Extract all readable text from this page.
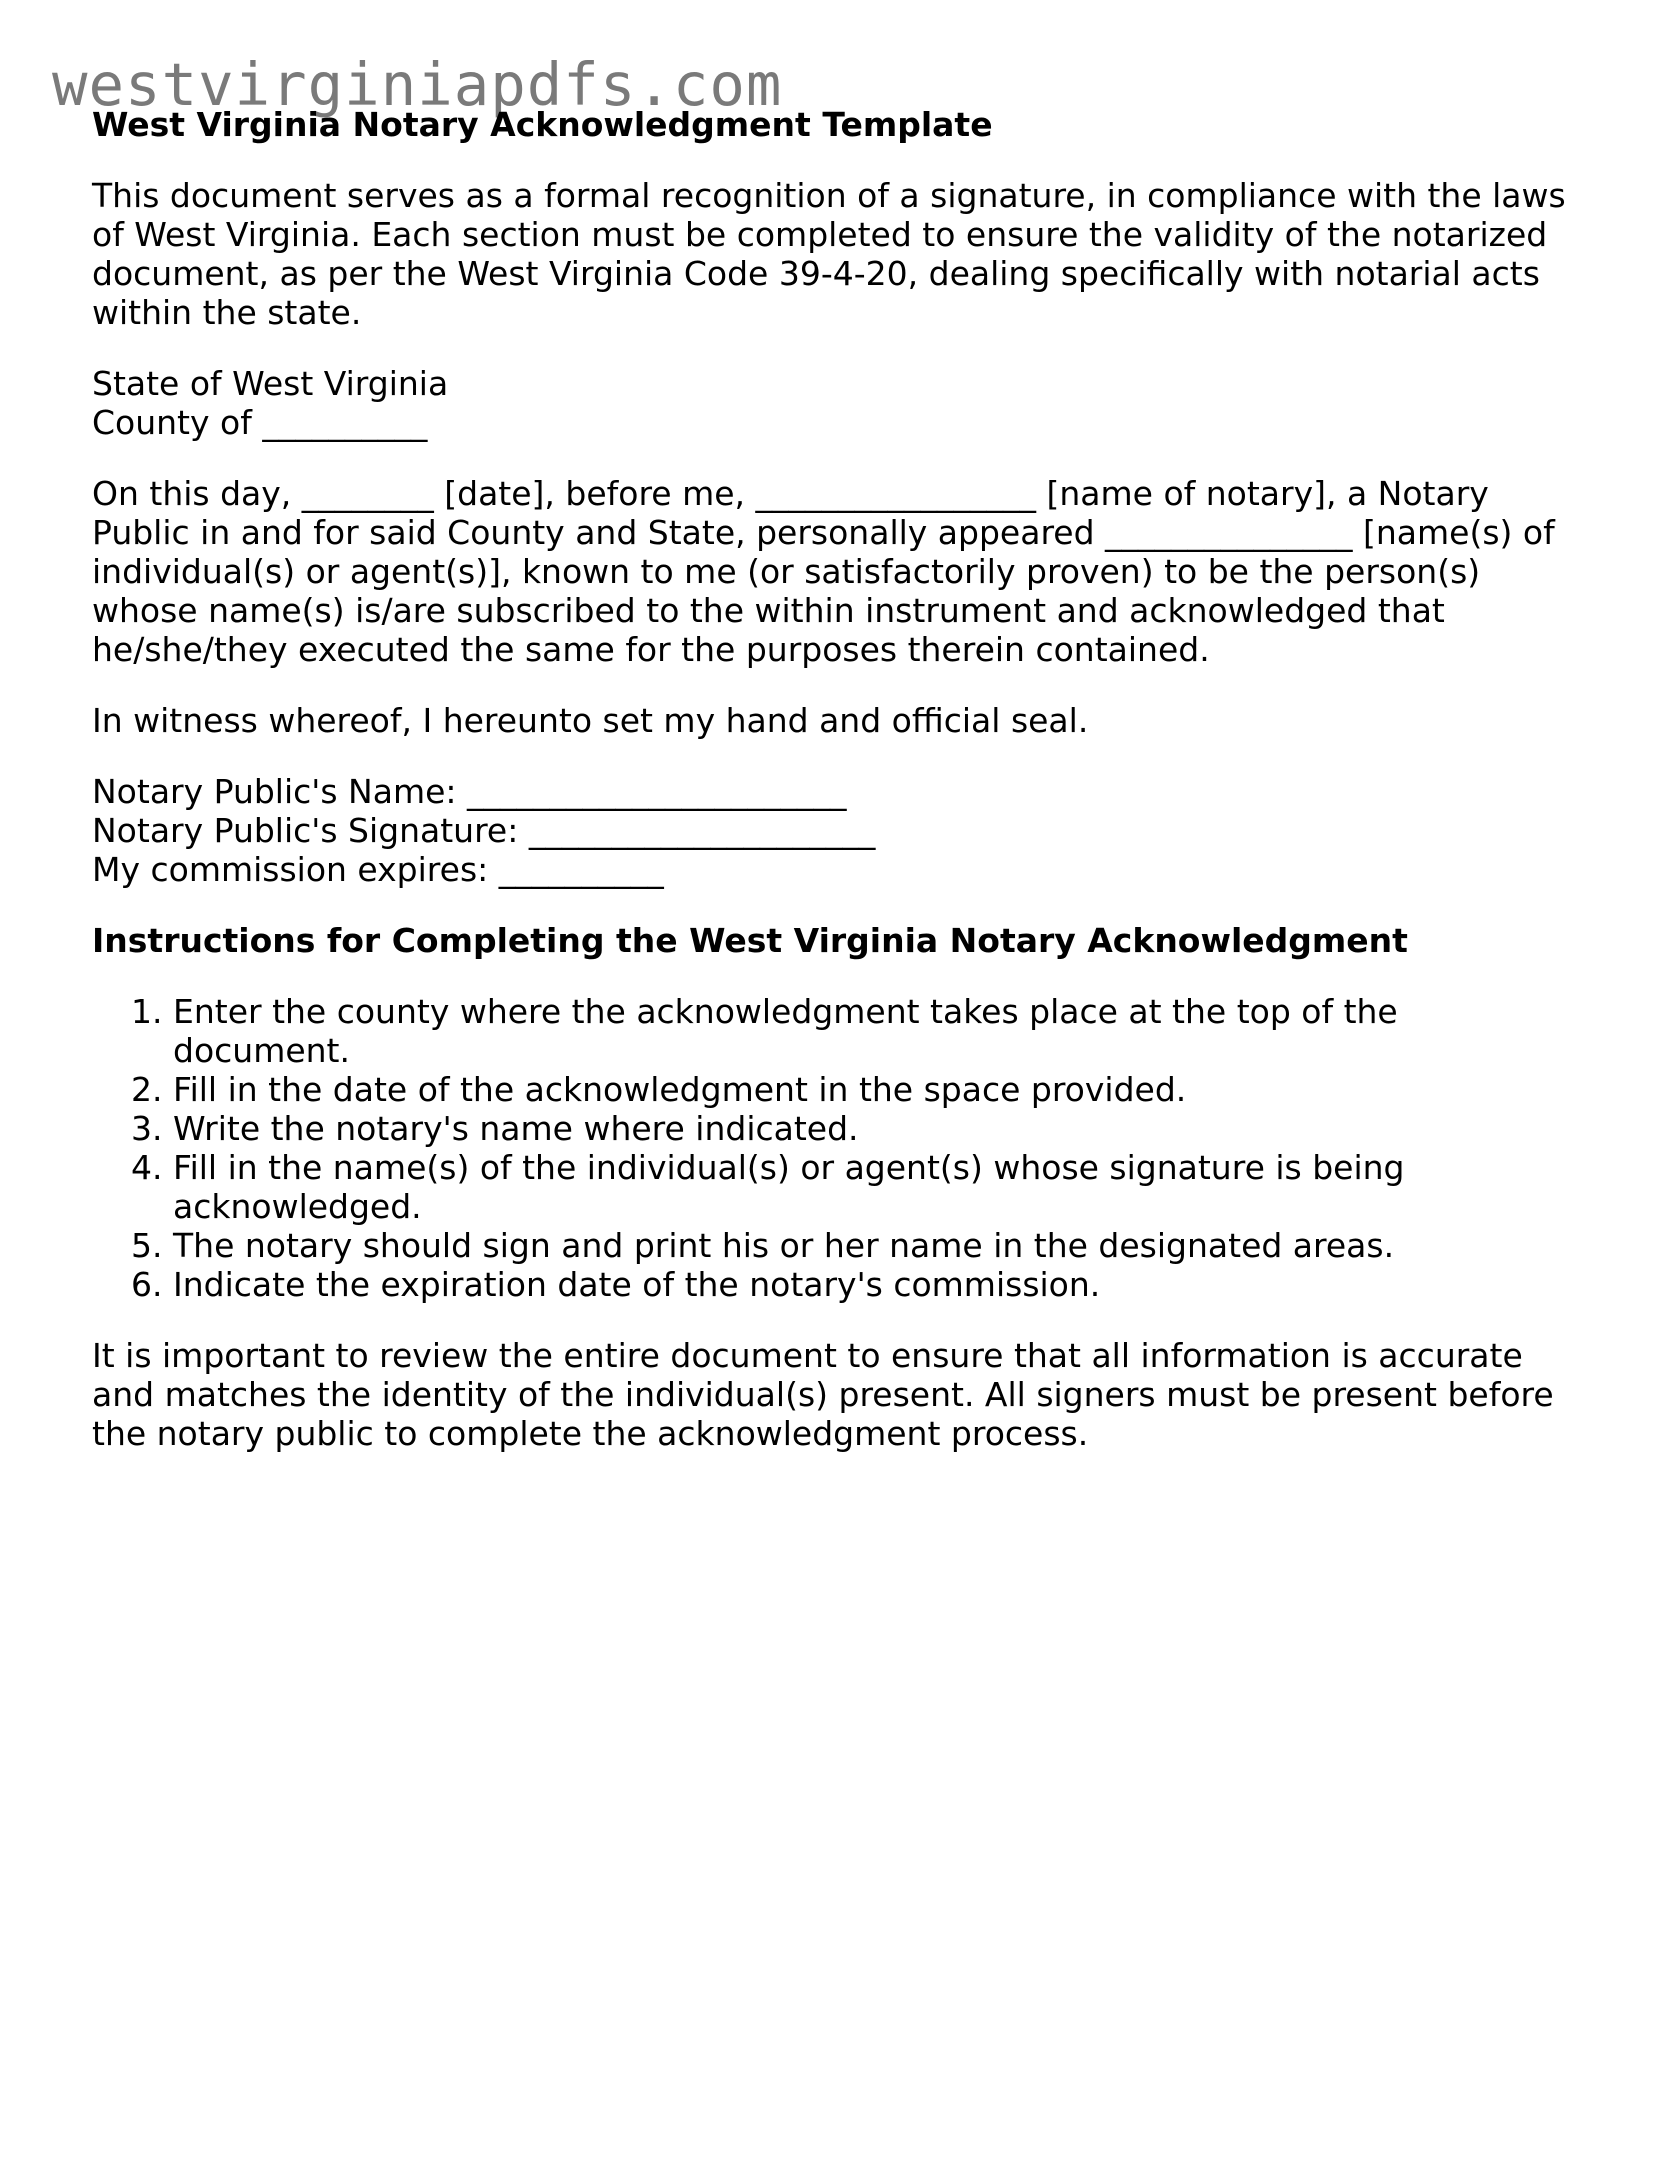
westvirginiapdfs.com
West Virginia Notary Acknowledgment Template
This document serves as a formal recognition of a signature, in compliance with the laws of West Virginia. Each section must be completed to ensure the validity of the notarized document, as per the West Virginia Code 39-4-20, dealing specifically with notarial acts within the state.
State of West Virginia
County of __________
On this day, ________ [date], before me, _________________ [name of notary], a Notary Public in and for said County and State, personally appeared _______________ [name(s) of individual(s) or agent(s)], known to me (or satisfactorily proven) to be the person(s) whose name(s) is/are subscribed to the within instrument and acknowledged that he/she/they executed the same for the purposes therein contained.
In witness whereof, I hereunto set my hand and official seal.
Notary Public's Name: _______________________
Notary Public's Signature: _____________________
My commission expires: __________
Instructions for Completing the West Virginia Notary Acknowledgment
1. Enter the county where the acknowledgment takes place at the top of the document.
2. Fill in the date of the acknowledgment in the space provided.
3. Write the notary's name where indicated.
4. Fill in the name(s) of the individual(s) or agent(s) whose signature is being acknowledged.
5. The notary should sign and print his or her name in the designated areas.
6. Indicate the expiration date of the notary's commission.
It is important to review the entire document to ensure that all information is accurate and matches the identity of the individual(s) present. All signers must be present before the notary public to complete the acknowledgment process.
